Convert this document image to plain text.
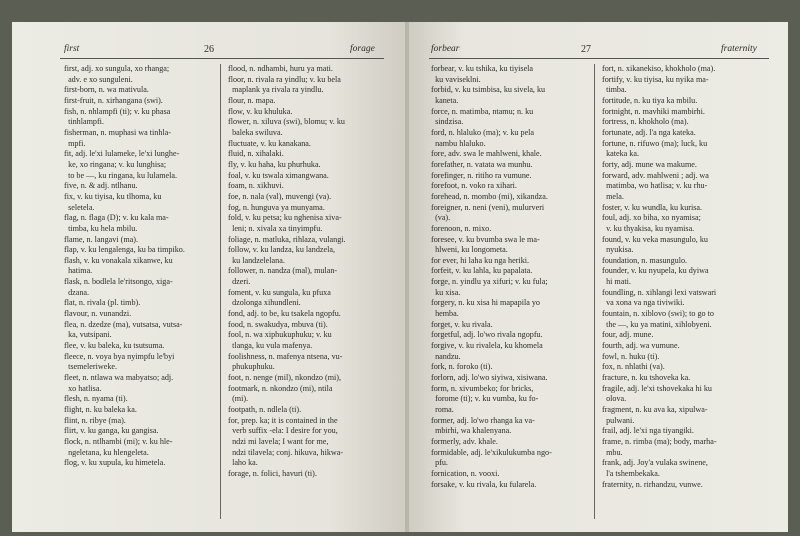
first	26	forage
first, adj. xo sungula, xo rhanga;
adv. e xo sunguleni.
first-born, n. wa mativula.
first-fruit, n. xirhangana (swi).
fish, n. nhlampfi (ti); v. ku phasa
tinhlampfi.
fisherman, n. muphasi wa tinhla-
mpfi.
fit, adj. le'xi lulameke, le'xi lunghe-
ke, xo ringana; v. ku lunghisa;
to be —, ku ringana, ku lulamela.
five, n. & adj. ntlhanu.
fix, v. ku tiyisa, ku tlhoma, ku
seletela.
flag, n. flaga (D); v. ku kala ma-
timba, ku hela mbilu.
flame, n. langavi (ma).
flap, v. ku lengalenga, ku ba timpiko.
flash, v. ku vonakala xikanwe, ku
hatima.
flask, n. bodlela le'ritsongo, xiga-
dzana.
flat, n. rivala (pl. timb).
flavour, n. vunandzi.
flea, n. dzedze (ma), vutsatsa, vutsa-
ka, vutsipani.
flee, v. ku baleka, ku tsutsuma.
fleece, n. voya bya nyimpfu le'byi
tsemeleriweke.
fleet, n. ntlawa wa mabyatso; adj.
xo hatlisa.
flesh, n. nyama (ti).
flight, n. ku baleka ka.
flint, n. ribye (ma).
flirt, v. ku ganga, ku gangisa.
flock, n. ntlhambi (mi); v. ku hle-
ngeletana, ku hlengeleta.
flog, v. ku xupula, ku himetela.
flood, n. ndhambi, huru ya mati.
floor, n. rivala ra yindlu; v. ku bela
maplank ya rivala ra yindlu.
flour, n. mapa.
flow, v. ku khuluka.
flower, n. xiluva (swi), blomu; v. ku
baleka swiluva.
fluctuate, v. ku kanakana.
fluid, n. xihalaki.
fly, v. ku haha, ku phurhuka.
foal, v. ku tswala ximangwana.
foam, n. xikhuvi.
foe, n. nala (val), muvengi (va).
fog, n. hunguva ya munyama.
fold, v. ku petsa; ku nghenisa xiva-
leni; n. xivala xa tinyimpfu.
foliage, n. matluka, rihlaza, vulangi.
follow, v. ku landza, ku landzela,
ku landzelelana.
follower, n. nandza (mal), mulan-
dzeri.
foment, v. ku sungula, ku pfuxa
dzolonga xihundleni.
fond, adj. to be, ku tsakela ngopfu.
food, n. swakudya, mbuva (ti).
fool, n. wa xiphukuphuku; v. ku
tlanga, ku vula mafenya.
foolishness, n. mafenya ntsena, vu-
phukuphuku.
foot, n. nenge (mil), nkondzo (mi),
footmark, n. nkondzo (mi), ntila
(mi).
footpath, n. ndlela (ti).
for, prep. ka; it is contained in the
verb suffix -ela: I desire for you,
ndzi mi lavela; I want for me,
ndzi tilavela; conj. hikuva, hikwa-
laho ka.
forage, n. folici, havuri (ti).
forbear	27	fraternity
forbear, v. ku tshika, ku tiyisela
ku vaviseklni.
forbid, v. ku tsimbisa, ku sivela, ku
kaneta.
force, n. matimba, ntamu; n. ku
sindzisa.
ford, n. hlaluko (ma); v. ku pela
nambu hlaluko.
fore, adv. swa le mahlweni, khale.
forefather, n. vatata wa munhu.
forefinger, n. ritiho ra vumune.
forefoot, n. voko ra xihari.
forehead, n. mombo (mi), xikandza.
foreigner, n. neni (veni), mulurveri
(va).
forenoon, n. mixo.
foresee, v. ku bvumba swa le ma-
hlweni, ku longometa.
for ever, hi laha ku nga heriki.
forfeit, v. ku lahla, ku papalata.
forge, n. yindlu ya xifuri; v. ku fula;
ku xisa.
forgery, n. ku xisa hi mapapila yo
hemba.
forget, v. ku rivala.
forgetful, adj. lo'wo rivala ngopfu.
forgive, v. ku rivalela, ku khomela
nandzu.
fork, n. foroko (ti).
forlorn, adj. lo'wo siyiwa, xisiwana.
form, n. xivumbeko; for bricks,
forome (ti); v. ku vumba, ku fo-
roma.
former, adj. lo'wo rhanga ka va-
mbirhi, wa khalenyana.
formerly, adv. khale.
formidable, adj. le'xikulukumba ngo-
pfu.
fornication, n. vooxi.
forsake, v. ku rivala, ku fularela.
fort, n. xikanekiso, khokholo (ma).
fortify, v. ku tiyisa, ku nyika ma-
timba.
fortitude, n. ku tiya ka mbilu.
fortnight, n. mavhiki mambirhi.
fortress, n. khokholo (ma).
fortunate, adj. l'a nga kateka.
fortune, n. rifuwo (ma); luck, ku
kateka ka.
forty, adj. mune wa makume.
forward, adv. mahlweni ; adj. wa
matimba, wo hatlisa; v. ku rhu-
mela.
foster, v. ku wundla, ku kurisa.
foul, adj. xo biha, xo nyamisa;
v. ku thyakisa, ku nyamisa.
found, v. ku veka masungulo, ku
nyukisa.
foundation, n. masungulo.
founder, v. ku nyupela, ku dyiwa
hi mati.
foundling, n. xihlangi lexi vatswari
va xona va nga tiviwiki.
fountain, n. xiblovo (swi); to go to
the —, ku ya matini, xihlobyeni.
four, adj. mune.
fourth, adj. wa vumune.
fowl, n. huku (ti).
fox, n. nhlathi (va).
fracture, n. ku tshoveka ka.
fragile, adj. le'xi tshovekaka hi ku
olova.
fragment, n. ku ava ka, xipulwa-
pulwani.
frail, adj. le'xi nga tiyangiki.
frame, n. rimba (ma); body, marha-
mbu.
frank, adj. Joy'a vulaka swinene,
l'a tshembekaka.
fraternity, n. rirhandzu, vunwe.
